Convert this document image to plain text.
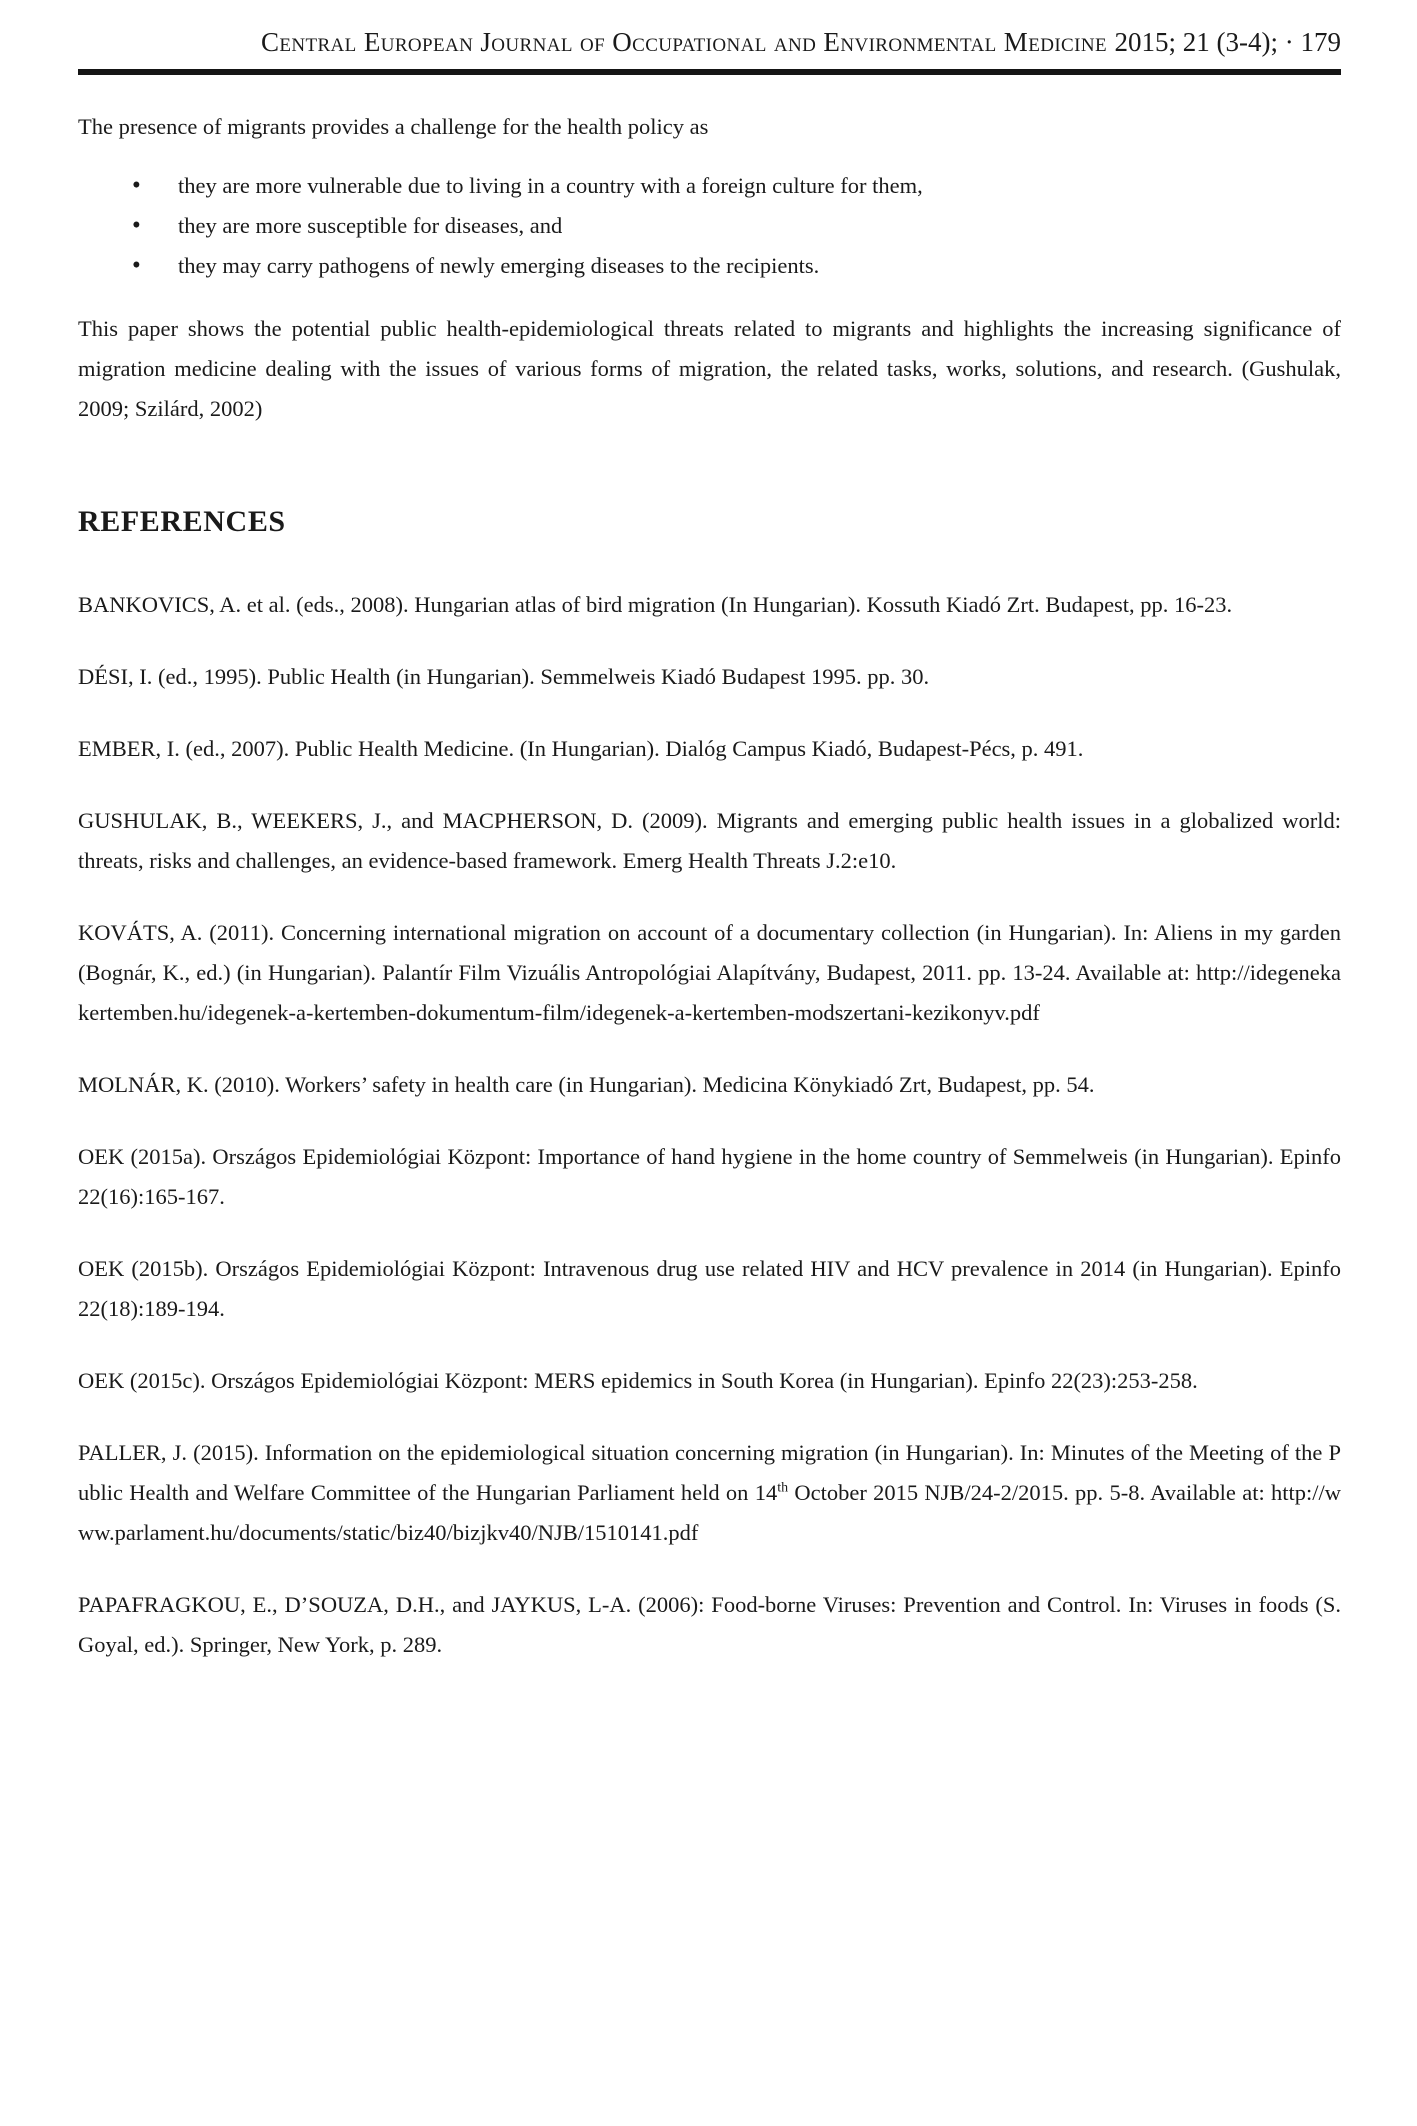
Central European Journal of Occupational and Environmental Medicine 2015; 21 (3-4); · 179

The presence of migrants provides a challenge for the health policy as

• they are more vulnerable due to living in a country with a foreign culture for them,
• they are more susceptible for diseases, and
• they may carry pathogens of newly emerging diseases to the recipients.

This paper shows the potential public health-epidemiological threats related to migrants and highlights the increasing significance of migration medicine dealing with the issues of various forms of migration, the related tasks, works, solutions, and research. (Gushulak, 2009; Szilárd, 2002)

REFERENCES

BANKOVICS, A. et al. (eds., 2008). Hungarian atlas of bird migration (In Hungarian). Kossuth Kiadó Zrt. Budapest, pp. 16-23.

DÉSI, I. (ed., 1995). Public Health (in Hungarian). Semmelweis Kiadó Budapest 1995. pp. 30.

EMBER, I. (ed., 2007). Public Health Medicine. (In Hungarian). Dialóg Campus Kiadó, Budapest-Pécs, p. 491.

GUSHULAK, B., WEEKERS, J., and MACPHERSON, D. (2009). Migrants and emerging public health issues in a globalized world: threats, risks and challenges, an evidence-based framework. Emerg Health Threats J.2:e10.

KOVÁTS, A. (2011). Concerning international migration on account of a documentary collection (in Hungarian). In: Aliens in my garden (Bognár, K., ed.) (in Hungarian). Palantír Film Vizuális Antropológiai Alapítvány, Budapest, 2011. pp. 13-24. Available at: http://idegenekakertemben.hu/idegenek-a-kertemben-dokumentum-film/idegenek-a-kertemben-modszertani-kezikonyv.pdf

MOLNÁR, K. (2010). Workers’ safety in health care (in Hungarian). Medicina Könykiadó Zrt, Budapest, pp. 54.

OEK (2015a). Országos Epidemiológiai Központ: Importance of hand hygiene in the home country of Semmelweis (in Hungarian). Epinfo 22(16):165-167.

OEK (2015b). Országos Epidemiológiai Központ: Intravenous drug use related HIV and HCV prevalence in 2014 (in Hungarian). Epinfo 22(18):189-194.

OEK (2015c). Országos Epidemiológiai Központ: MERS epidemics in South Korea (in Hungarian). Epinfo 22(23):253-258.

PALLER, J. (2015). Information on the epidemiological situation concerning migration (in Hungarian). In: Minutes of the Meeting of the Public Health and Welfare Committee of the Hungarian Parliament held on 14th October 2015 NJB/24-2/2015. pp. 5-8. Available at: http://www.parlament.hu/documents/static/biz40/bizjkv40/NJB/1510141.pdf

PAPAFRAGKOU, E., D’SOUZA, D.H., and JAYKUS, L-A. (2006): Food-borne Viruses: Prevention and Control. In: Viruses in foods (S. Goyal, ed.). Springer, New York, p. 289.
